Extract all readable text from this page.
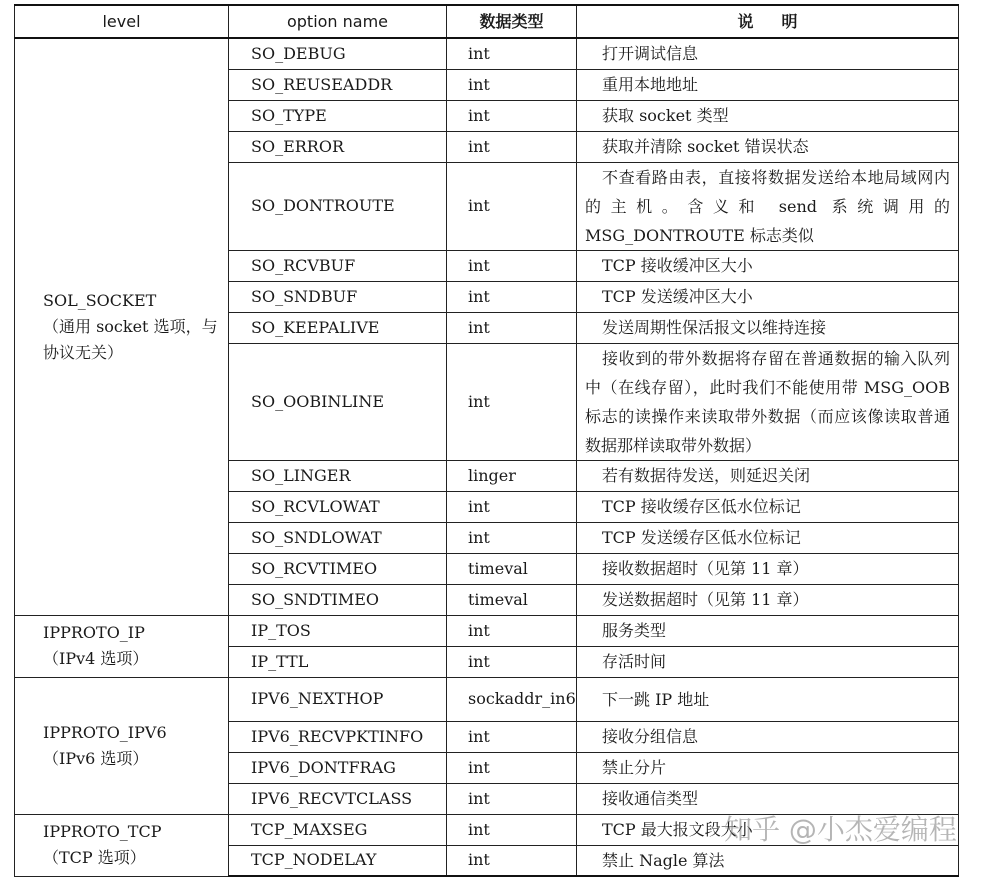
level	option name	数据类型	说明

SOL_SOCKET
（通用 socket 选项，与协议无关）	SO_DEBUG	int	打开调试信息
	SO_REUSEADDR	int	重用本地地址
	SO_TYPE	int	获取 socket 类型
	SO_ERROR	int	获取并清除 socket 错误状态
	SO_DONTROUTE	int	不查看路由表，直接将数据发送给本地局域网内的主机。含义和 send 系统调用的 MSG_DONTROUTE 标志类似

	SO_RCVBUF	int	TCP 接收缓冲区大小
	SO_SNDBUF	int	TCP 发送缓冲区大小
	SO_KEEPALIVE	int	发送周期性保活报文以维持连接
	SO_OOBINLINE	int	接收到的带外数据将存留在普通数据的输入队列中（在线存留），此时我们不能使用带 MSG_OOB 标志的读操作来读取带外数据（而应该像读取普通数据那样读取带外数据）

	SO_LINGER	linger	若有数据待发送，则延迟关闭
	SO_RCVLOWAT	int	TCP 接收缓存区低水位标记
	SO_SNDLOWAT	int	TCP 发送缓存区低水位标记
	SO_RCVTIMEO	timeval	接收数据超时（见第 11 章）
	SO_SNDTIMEO	timeval	发送数据超时（见第 11 章）

IPPROTO_IP
（IPv4 选项）	IP_TOS	int	服务类型
	IP_TTL	int	存活时间

IPPROTO_IPV6
（IPv6 选项）	IPV6_NEXTHOP	sockaddr_in6	下一跳 IP 地址
	IPV6_RECVPKTINFO	int	接收分组信息
	IPV6_DONTFRAG	int	禁止分片
	IPV6_RECVTCLASS	int	接收通信类型

IPPROTO_TCP
（TCP 选项）	TCP_MAXSEG	int	TCP 最大报文段大小
	TCP_NODELAY	int	禁止 Nagle 算法
知乎 @小杰爱编程
